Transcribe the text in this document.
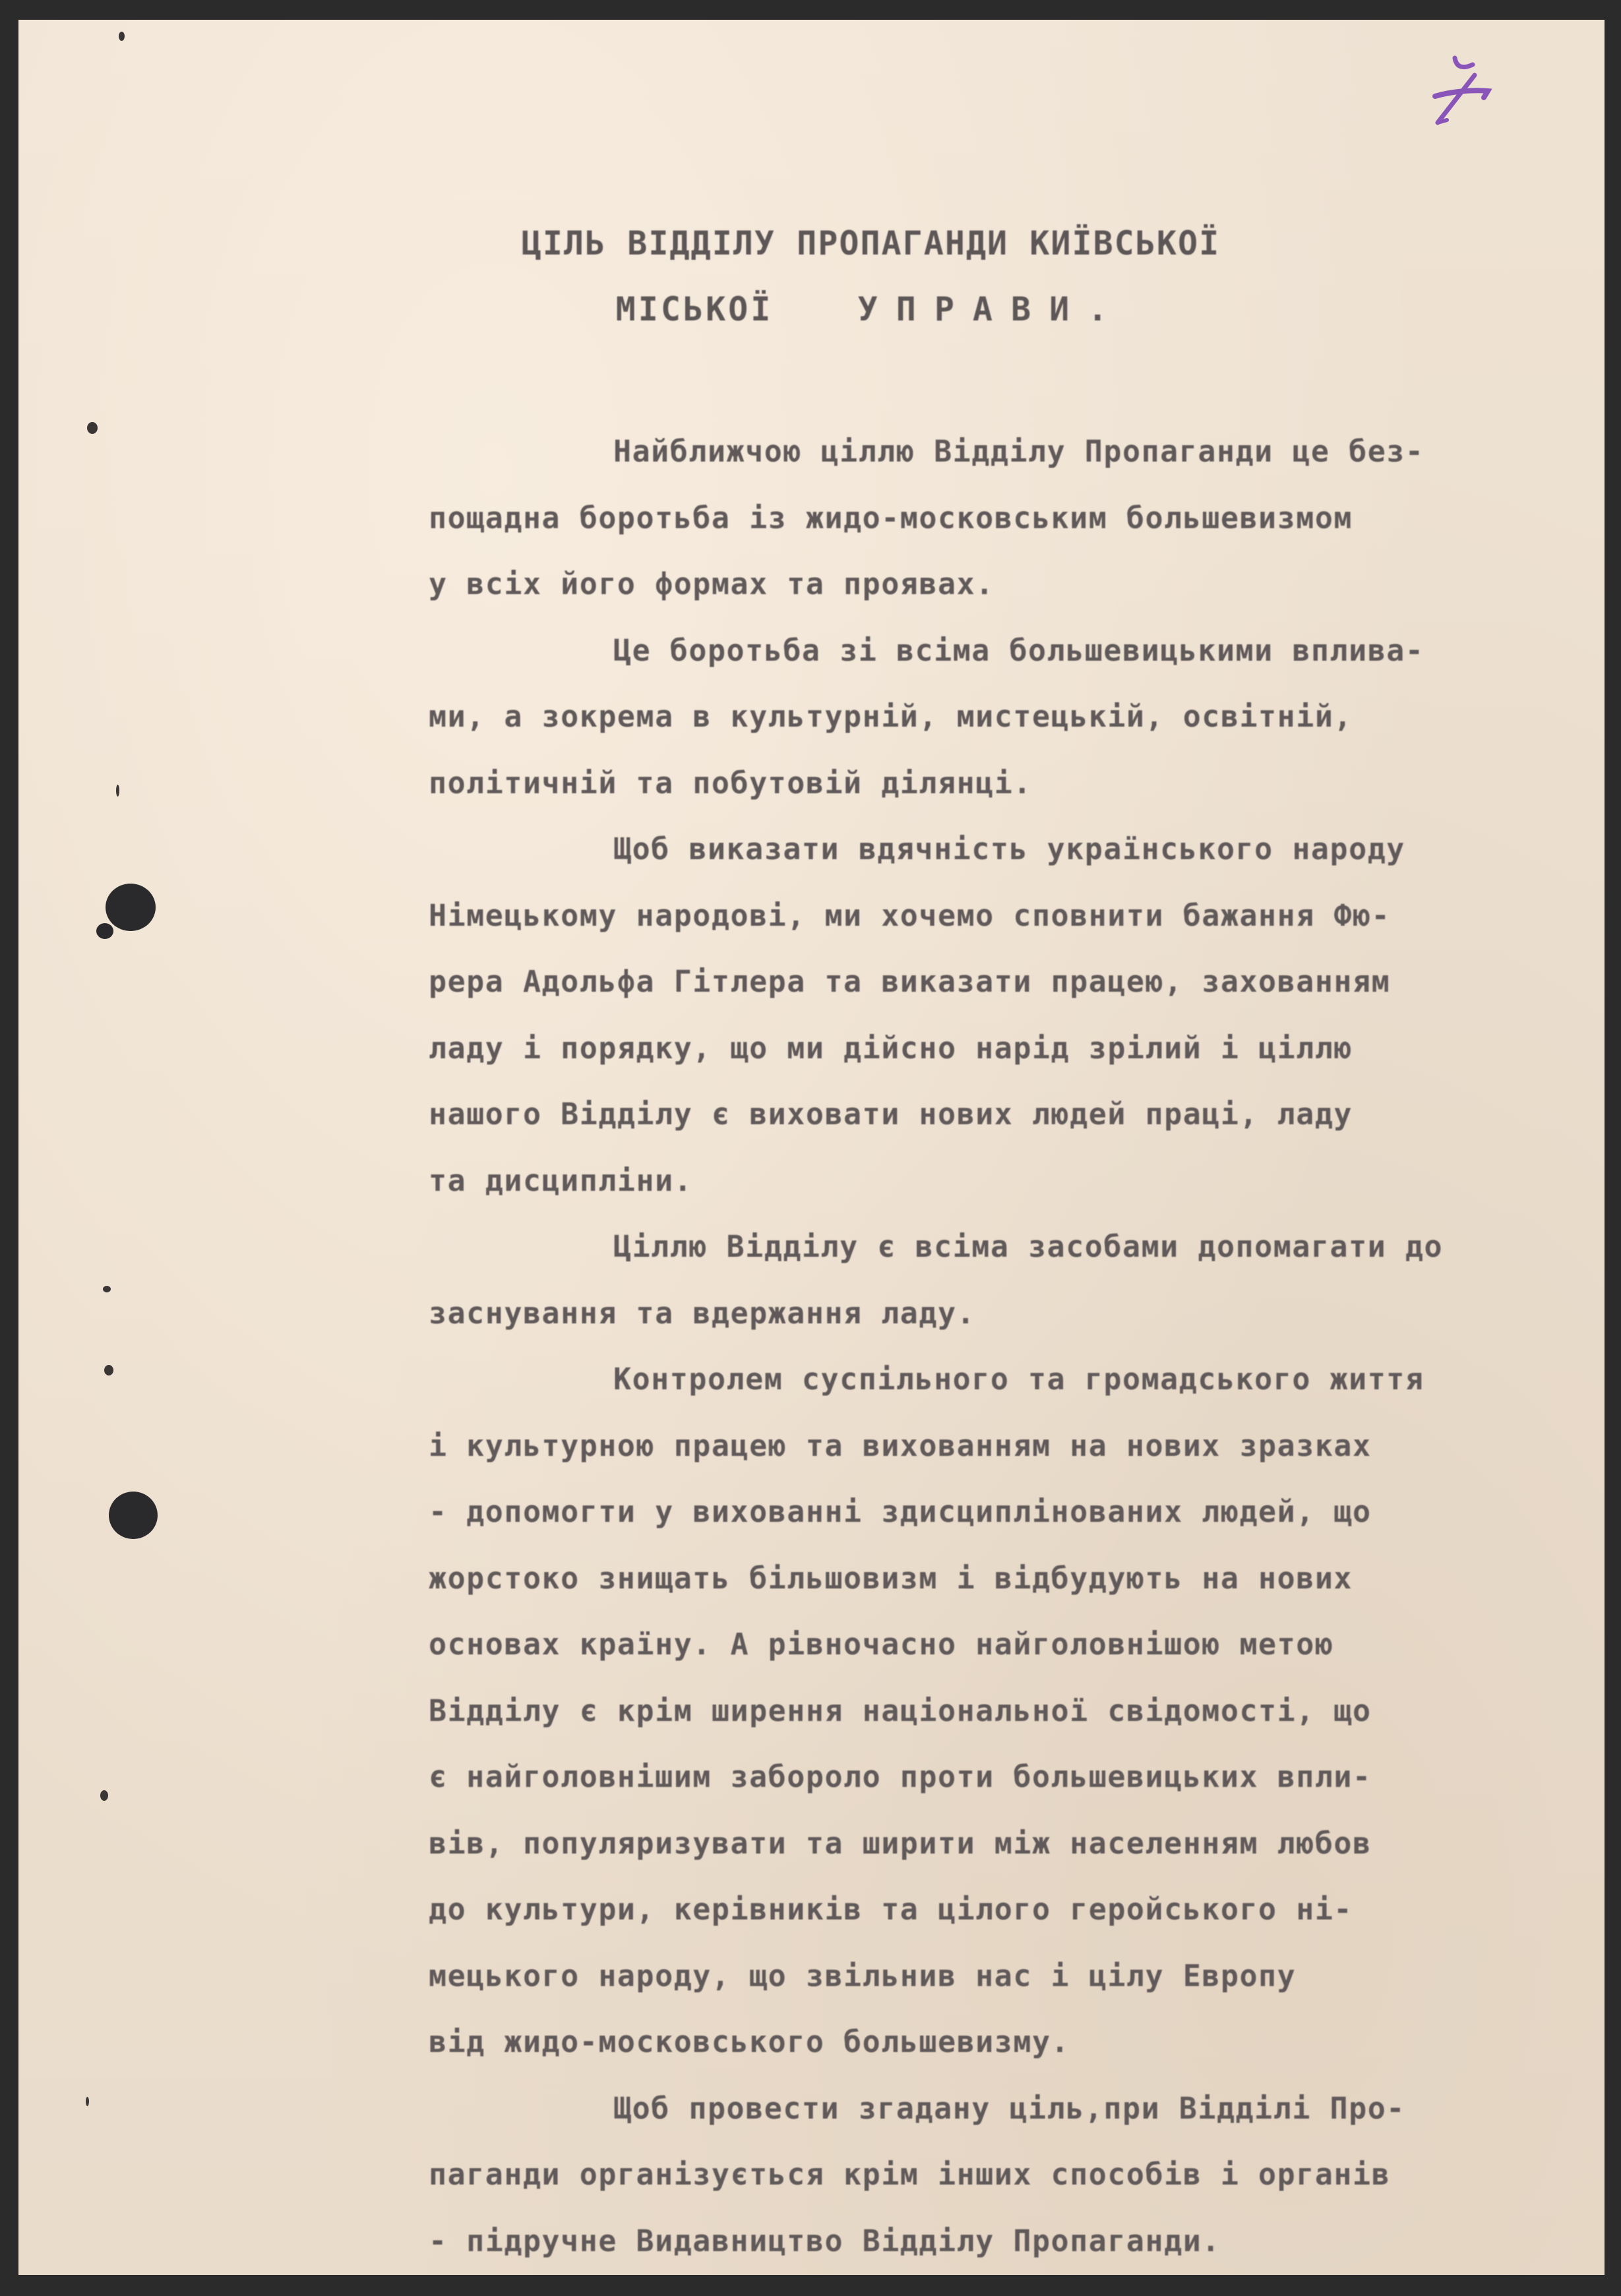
ЦІЛЬ ВІДДІЛУ ПРОПАГАНДИ КИЇВСЬКОЇ
МІСЬКОЇ	УПРАВИ.
Найближчою ціллю Відділу Пропаганди це без-
пощадна боротьба із жидо-московським большевизмом
у всіх його формах та проявах.
Це боротьба зі всіма большевицькими вплива-
ми, а зокрема в культурній, мистецькій, освітній,
політичній та побутовій ділянці.
Щоб виказати вдячність українського народу
Німецькому народові, ми хочемо сповнити бажання Фю-
рера Адольфа Гітлера та виказати працею, захованням
ладу і порядку, що ми дійсно нарід зрілий і ціллю
нашого Відділу є виховати нових людей праці, ладу
та дисципліни.
Ціллю Відділу є всіма засобами допомагати до
заснування та вдержання ладу.
Контролем суспільного та громадського життя
і культурною працею та вихованням на нових зразках
- допомогти у вихованні здисциплінованих людей, що
жорстоко знищать більшовизм і відбудують на нових
основах країну. А рівночасно найголовнішою метою
Відділу є крім ширення національної свідомості, що
є найголовнішим забороло проти большевицьких впли-
вів, популяризувати та ширити між населенням любов
до культури, керівників та цілого геройського ні-
мецького народу, що звільнив нас і цілу Европу
від жидо-московського большевизму.
Щоб провести згадану ціль,при Відділі Про-
паганди організується крім інших способів і органів
- підручне Видавництво Відділу Пропаганди.
